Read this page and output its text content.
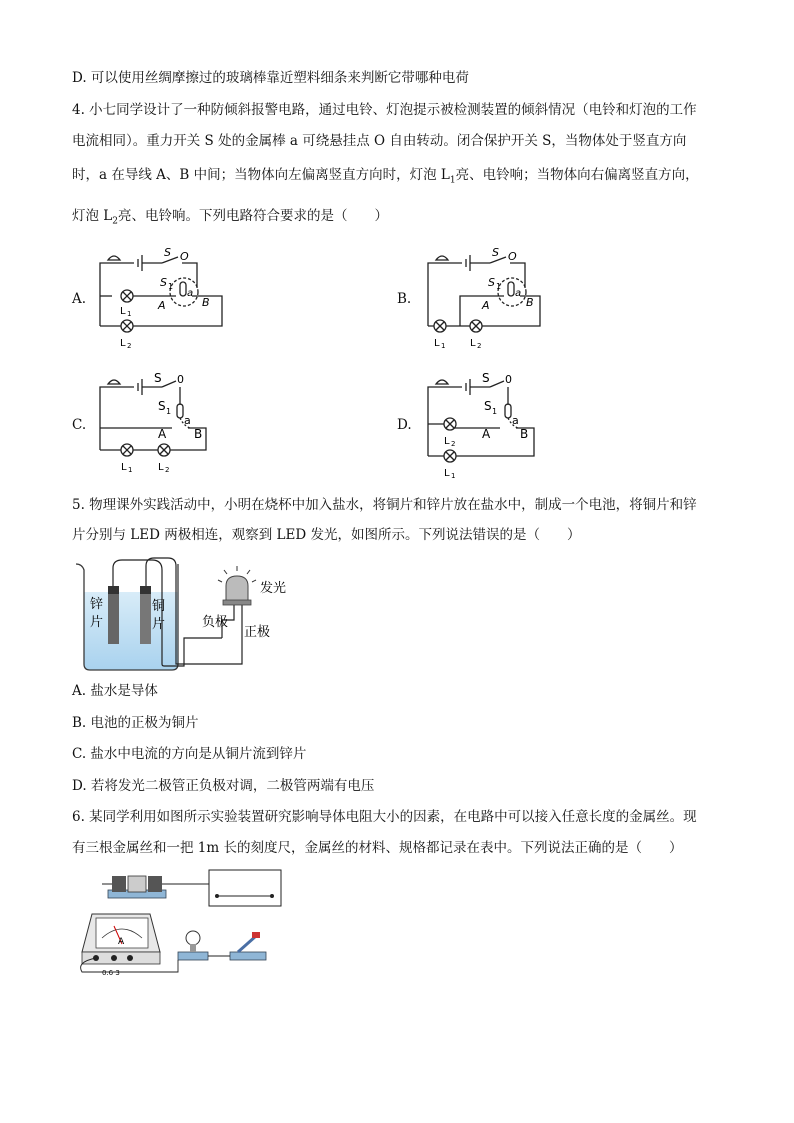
D. 可以使用丝绸摩擦过的玻璃棒靠近塑料细条来判断它带哪种电荷
4. 小七同学设计了一种防倾斜报警电路，通过电铃、灯泡提示被检测装置的倾斜情况（电铃和灯泡的工作
电流相同）。重力开关 S 处的金属棒 a 可绕悬挂点 O 自由转动。闭合保护开关 S，当物体处于竖直方向
时，a 在导线 A、B 中间；当物体向左偏离竖直方向时，灯泡 $L_1$亮、电铃响；当物体向右偏离竖直方向，
灯泡 $L_2$亮、电铃响。下列电路符合要求的是（　　）
A.
S O
S 1
a
A	B
L 1
L 2
B.
S O
S 1
a
A	B
L 1 L 2
C.
S 0
S 1
a
A B
L 1	L 2
D.
S 0
S 1
a
A B
L 2
L 1
5. 物理课外实践活动中，小明在烧杯中加入盐水，将铜片和锌片放在盐水中，制成一个电池，将铜片和锌
片分别与 LED 两极相连，观察到 LED 发光，如图所示。下列说法错误的是（　　）
锌
片
铜
片
发光
负极
正极
A. 盐水是导体
B. 电池的正极为铜片
C. 盐水中电流的方向是从铜片流到锌片
D. 若将发光二极管正负极对调，二极管两端有电压
6. 某同学利用如图所示实验装置研究影响导体电阻大小的因素，在电路中可以接入任意长度的金属丝。现
有三根金属丝和一把 1m 长的刻度尺，金属丝的材料、规格都记录在表中。下列说法正确的是（　　）
A
0.6 3
